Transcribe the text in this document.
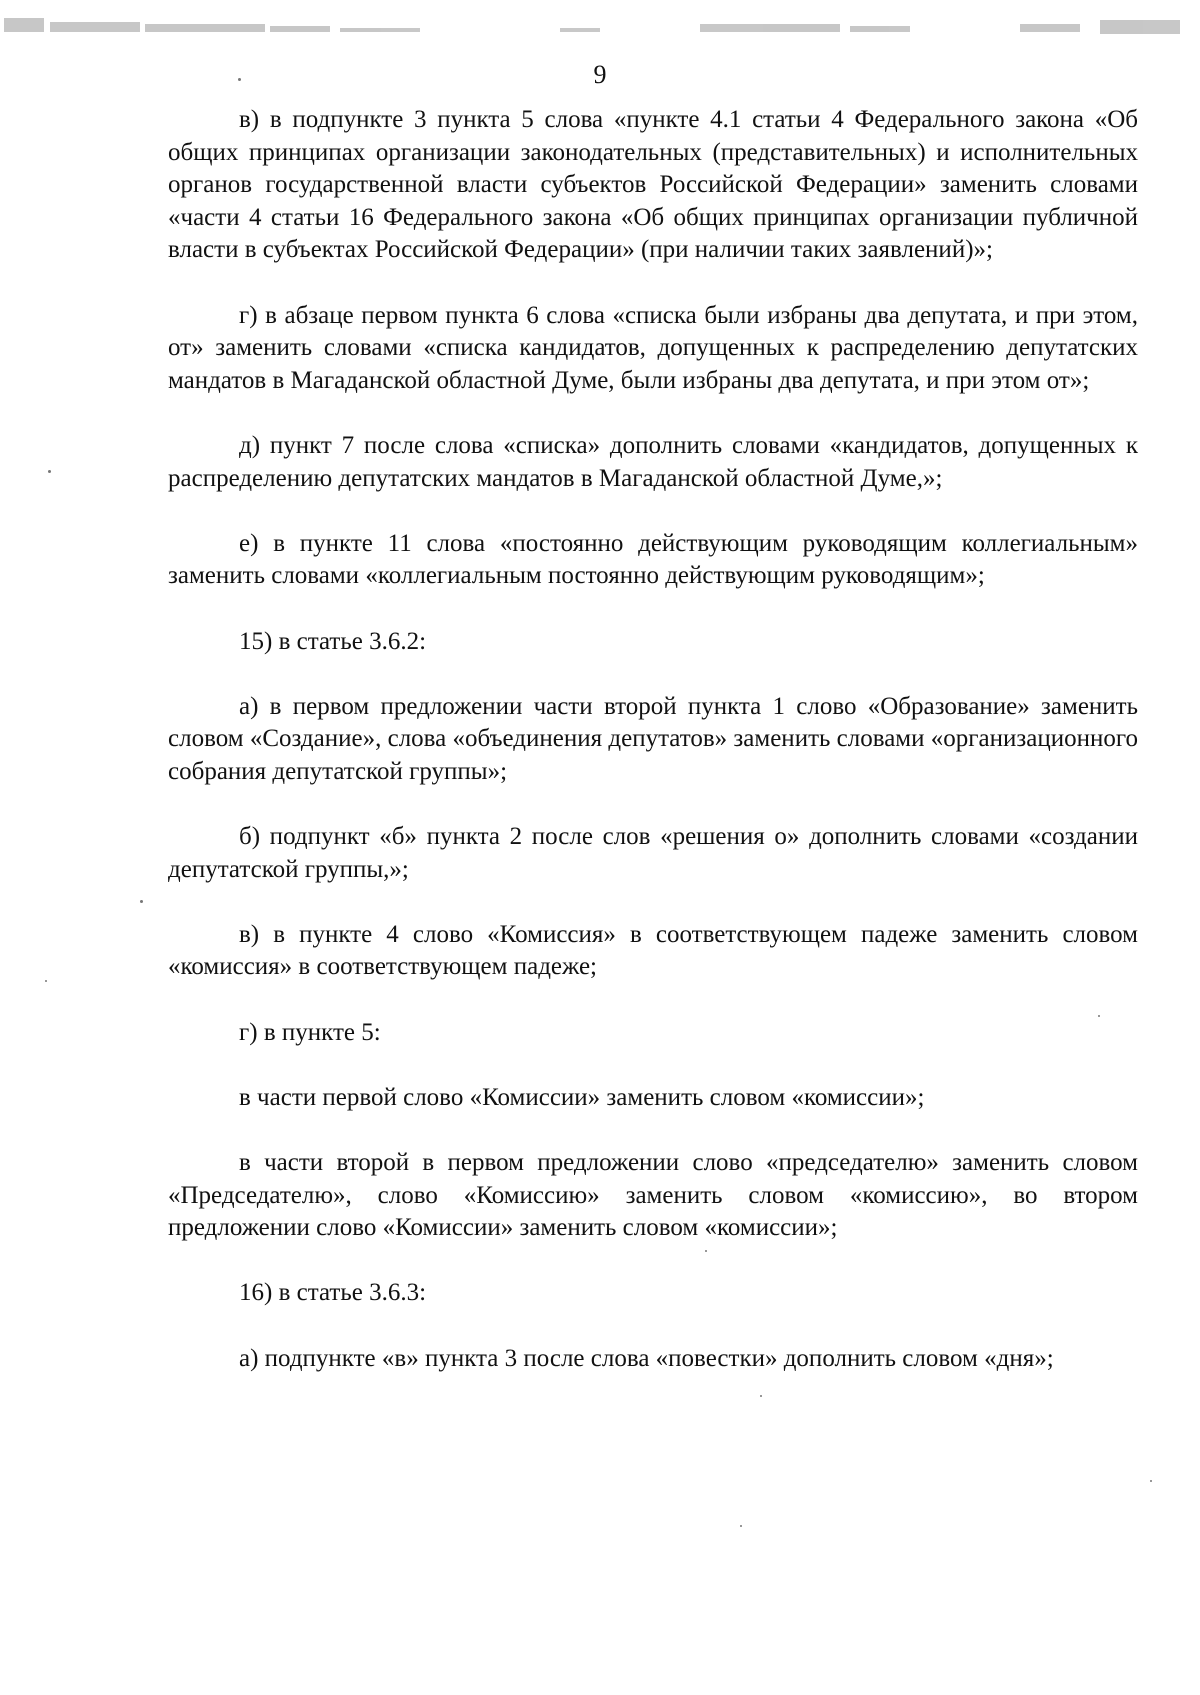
9

в) в подпункте 3 пункта 5 слова «пункте 4.1 статьи 4 Федерального закона «Об общих принципах организации законодательных (представительных) и исполнительных органов государственной власти субъектов Российской Федерации» заменить словами «части 4 статьи 16 Федерального закона «Об общих принципах организации публичной власти в субъектах Российской Федерации» (при наличии таких заявлений)»;

г) в абзаце первом пункта 6 слова «списка были избраны два депутата, и при этом, от» заменить словами «списка кандидатов, допущенных к распределению депутатских мандатов в Магаданской областной Думе, были избраны два депутата, и при этом от»;

д) пункт 7 после слова «списка» дополнить словами «кандидатов, допущенных к распределению депутатских мандатов в Магаданской областной Думе,»;

е) в пункте 11 слова «постоянно действующим руководящим коллегиальным» заменить словами «коллегиальным постоянно действующим руководящим»;

15) в статье 3.6.2:

а) в первом предложении части второй пункта 1 слово «Образование» заменить словом «Создание», слова «объединения депутатов» заменить словами «организационного собрания депутатской группы»;

б) подпункт «б» пункта 2 после слов «решения о» дополнить словами «создании депутатской группы,»;

в) в пункте 4 слово «Комиссия» в соответствующем падеже заменить словом «комиссия» в соответствующем падеже;

г) в пункте 5:

в части первой слово «Комиссии» заменить словом «комиссии»;

в части второй в первом предложении слово «председателю» заменить словом «Председателю», слово «Комиссию» заменить словом «комиссию», во втором предложении слово «Комиссии» заменить словом «комиссии»;

16) в статье 3.6.3:

а) подпункте «в» пункта 3 после слова «повестки» дополнить словом «дня»;
